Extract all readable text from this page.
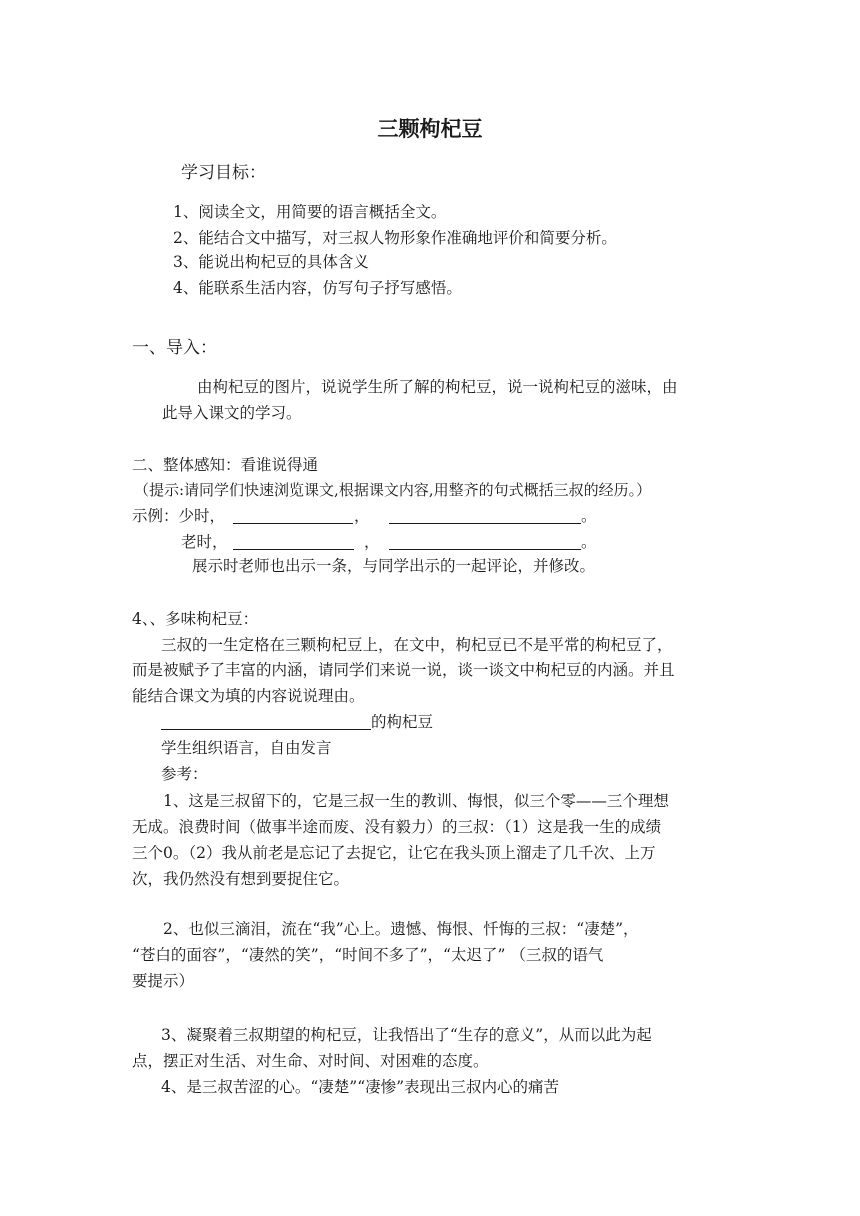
三颗枸杞豆
学习目标：
1、阅读全文，用简要的语言概括全文。
2、能结合文中描写，对三叔人物形象作准确地评价和简要分析。
3、能说出枸杞豆的具体含义
4、能联系生活内容，仿写句子抒写感悟。
一、导入：
由枸杞豆的图片，说说学生所了解的枸杞豆，说一说枸杞豆的滋味，由
此导入课文的学习。
二、整体感知：看谁说得通
（提示:请同学们快速浏览课文,根据课文内容,用整齐的句式概括三叔的经历。）
示例：少时，	，	。
老时，	，	。
展示时老师也出示一条，与同学出示的一起评论，并修改。
4、、多味枸杞豆：
三叔的一生定格在三颗枸杞豆上，在文中，枸杞豆已不是平常的枸杞豆了，
而是被赋予了丰富的内涵，请同学们来说一说，谈一谈文中枸杞豆的内涵。并且
能结合课文为填的内容说说理由。
的枸杞豆
学生组织语言，自由发言
参考：
1、这是三叔留下的，它是三叔一生的教训、悔恨，似三个零——三个理想
无成。浪费时间（做事半途而废、没有毅力）的三叔：（1）这是我一生的成绩
三个0。（2）我从前老是忘记了去捉它，让它在我头顶上溜走了几千次、上万
次，我仍然没有想到要捉住它。
2、也似三滴泪，流在“我”心上。遗憾、悔恨、忏悔的三叔：“凄楚”，
“苍白的面容”，“凄然的笑”，“时间不多了”，“太迟了” （三叔的语气
要提示）
3、凝聚着三叔期望的枸杞豆，让我悟出了“生存的意义”，从而以此为起
点，摆正对生活、对生命、对时间、对困难的态度。
4、是三叔苦涩的心。“凄楚”“凄惨”表现出三叔内心的痛苦
